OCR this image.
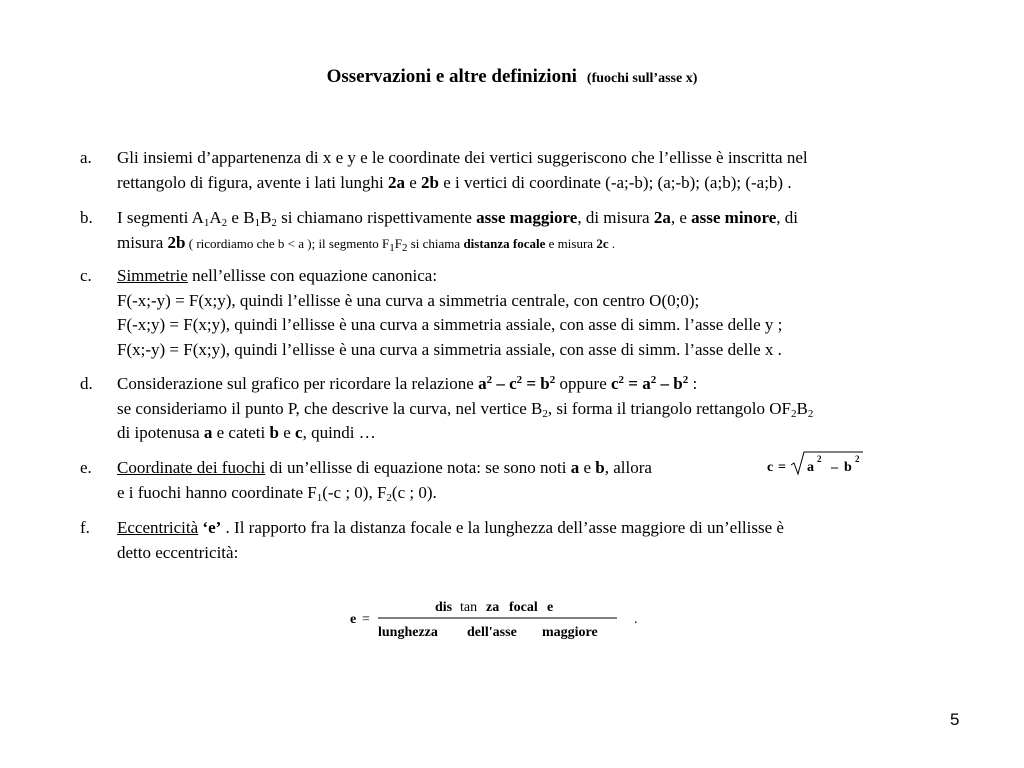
Osservazioni e altre definizioni (fuochi sull’asse x)
a. Gli insiemi d’appartenenza di x e y e le coordinate dei vertici suggeriscono che l’ellisse è inscritta nel
rettangolo di figura, avente i lati lunghi 2a e 2b e i vertici di coordinate (-a;-b); (a;-b); (a;b); (-a;b) .
b. I segmenti $A_1A_2$ e $B_1B_2$ si chiamano rispettivamente asse maggiore, di misura 2a, e asse minore, di
misura 2b ( ricordiamo che b < a ); il segmento $F_1F_2$ si chiama distanza focale e misura 2c .
c. Simmetrie nell’ellisse con equazione canonica:
F(-x;-y) = F(x;y), quindi l’ellisse è una curva a simmetria centrale, con centro O(0;0);
F(-x;y) = F(x;y), quindi l’ellisse è una curva a simmetria assiale, con asse di simm. l’asse delle y ;
F(x;-y) = F(x;y), quindi l’ellisse è una curva a simmetria assiale, con asse di simm. l’asse delle x .
d. Considerazione sul grafico per ricordare la relazione $a^2 - c^2 = b^2$ oppure $c^2 = a^2 - b^2$ :
se consideriamo il punto P, che descrive la curva, nel vertice $B_2$, si forma il triangolo rettangolo $OF_2B_2$
di ipotenusa a e cateti b e c, quindi …
e. Coordinate dei fuochi di un’ellisse di equazione nota: se sono noti a e b, allora
e i fuochi hanno coordinate $F_1(-c$ ; 0), $F_2(c$ ; 0).
c = a
2
– b
2
f. Eccentricità ‘e’ . Il rapporto fra la distanza focale e la lunghezza dell’asse maggiore di un’ellisse è
detto eccentricità:
e =
dis tan za focal e
lunghezza dell'asse maggiore
.
5
